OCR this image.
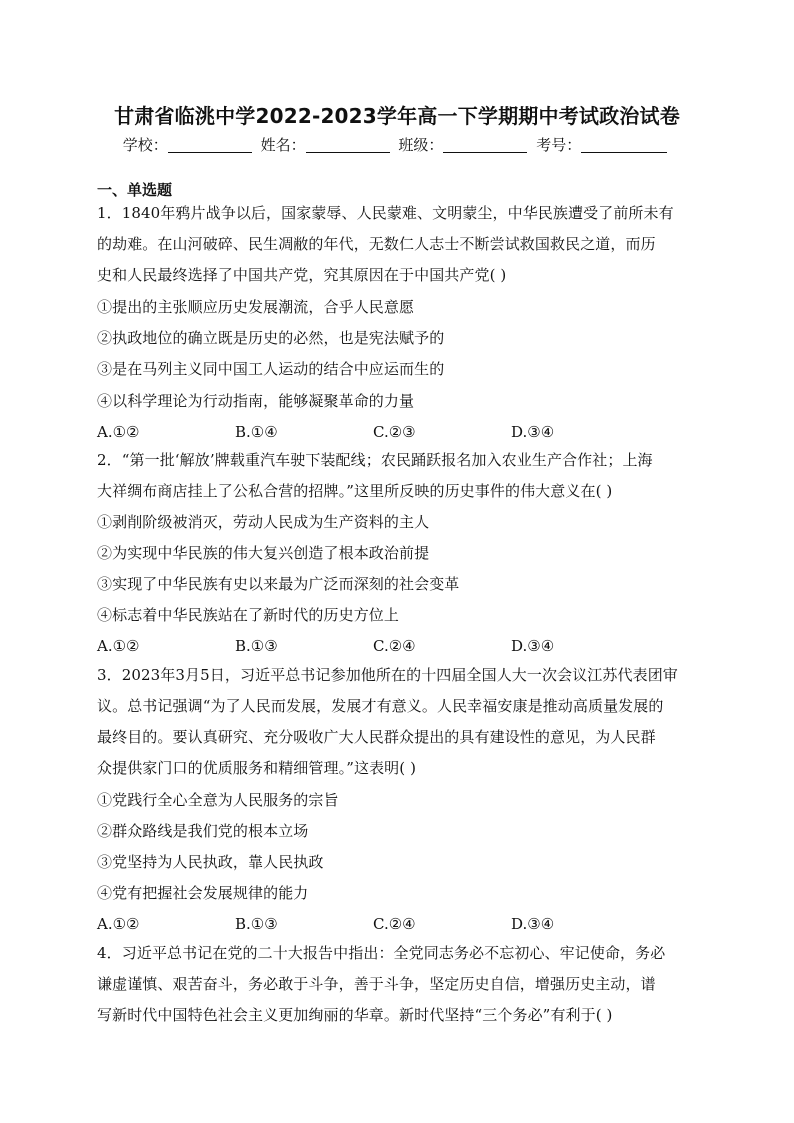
甘肃省临洮中学2022-2023学年高一下学期期中考试政治试卷
学校：	姓名：	班级：	考号：
一、单选题
1．1840年鸦片战争以后，国家蒙辱、人民蒙难、文明蒙尘，中华民族遭受了前所未有
的劫难。在山河破碎、民生凋敝的年代，无数仁人志士不断尝试救国救民之道，而历
史和人民最终选择了中国共产党，究其原因在于中国共产党( )
①提出的主张顺应历史发展潮流，合乎人民意愿
②执政地位的确立既是历史的必然，也是宪法赋予的
③是在马列主义同中国工人运动的结合中应运而生的
④以科学理论为行动指南，能够凝聚革命的力量
A.①②	B.①④	C.②③	D.③④
2．“第一批‘解放’牌载重汽车驶下装配线；农民踊跃报名加入农业生产合作社；上海
大祥绸布商店挂上了公私合营的招牌。”这里所反映的历史事件的伟大意义在( )
①剥削阶级被消灭，劳动人民成为生产资料的主人
②为实现中华民族的伟大复兴创造了根本政治前提
③实现了中华民族有史以来最为广泛而深刻的社会变革
④标志着中华民族站在了新时代的历史方位上
A.①②	B.①③	C.②④	D.③④
3．2023年3月5日，习近平总书记参加他所在的十四届全国人大一次会议江苏代表团审
议。总书记强调“为了人民而发展，发展才有意义。人民幸福安康是推动高质量发展的
最终目的。要认真研究、充分吸收广大人民群众提出的具有建设性的意见，为人民群
众提供家门口的优质服务和精细管理。”这表明( )
①党践行全心全意为人民服务的宗旨
②群众路线是我们党的根本立场
③党坚持为人民执政，靠人民执政
④党有把握社会发展规律的能力
A.①②	B.①③	C.②④	D.③④
4．习近平总书记在党的二十大报告中指出：全党同志务必不忘初心、牢记使命，务必
谦虚谨慎、艰苦奋斗，务必敢于斗争，善于斗争，坚定历史自信，增强历史主动，谱
写新时代中国特色社会主义更加绚丽的华章。新时代坚持“三个务必”有利于( )
